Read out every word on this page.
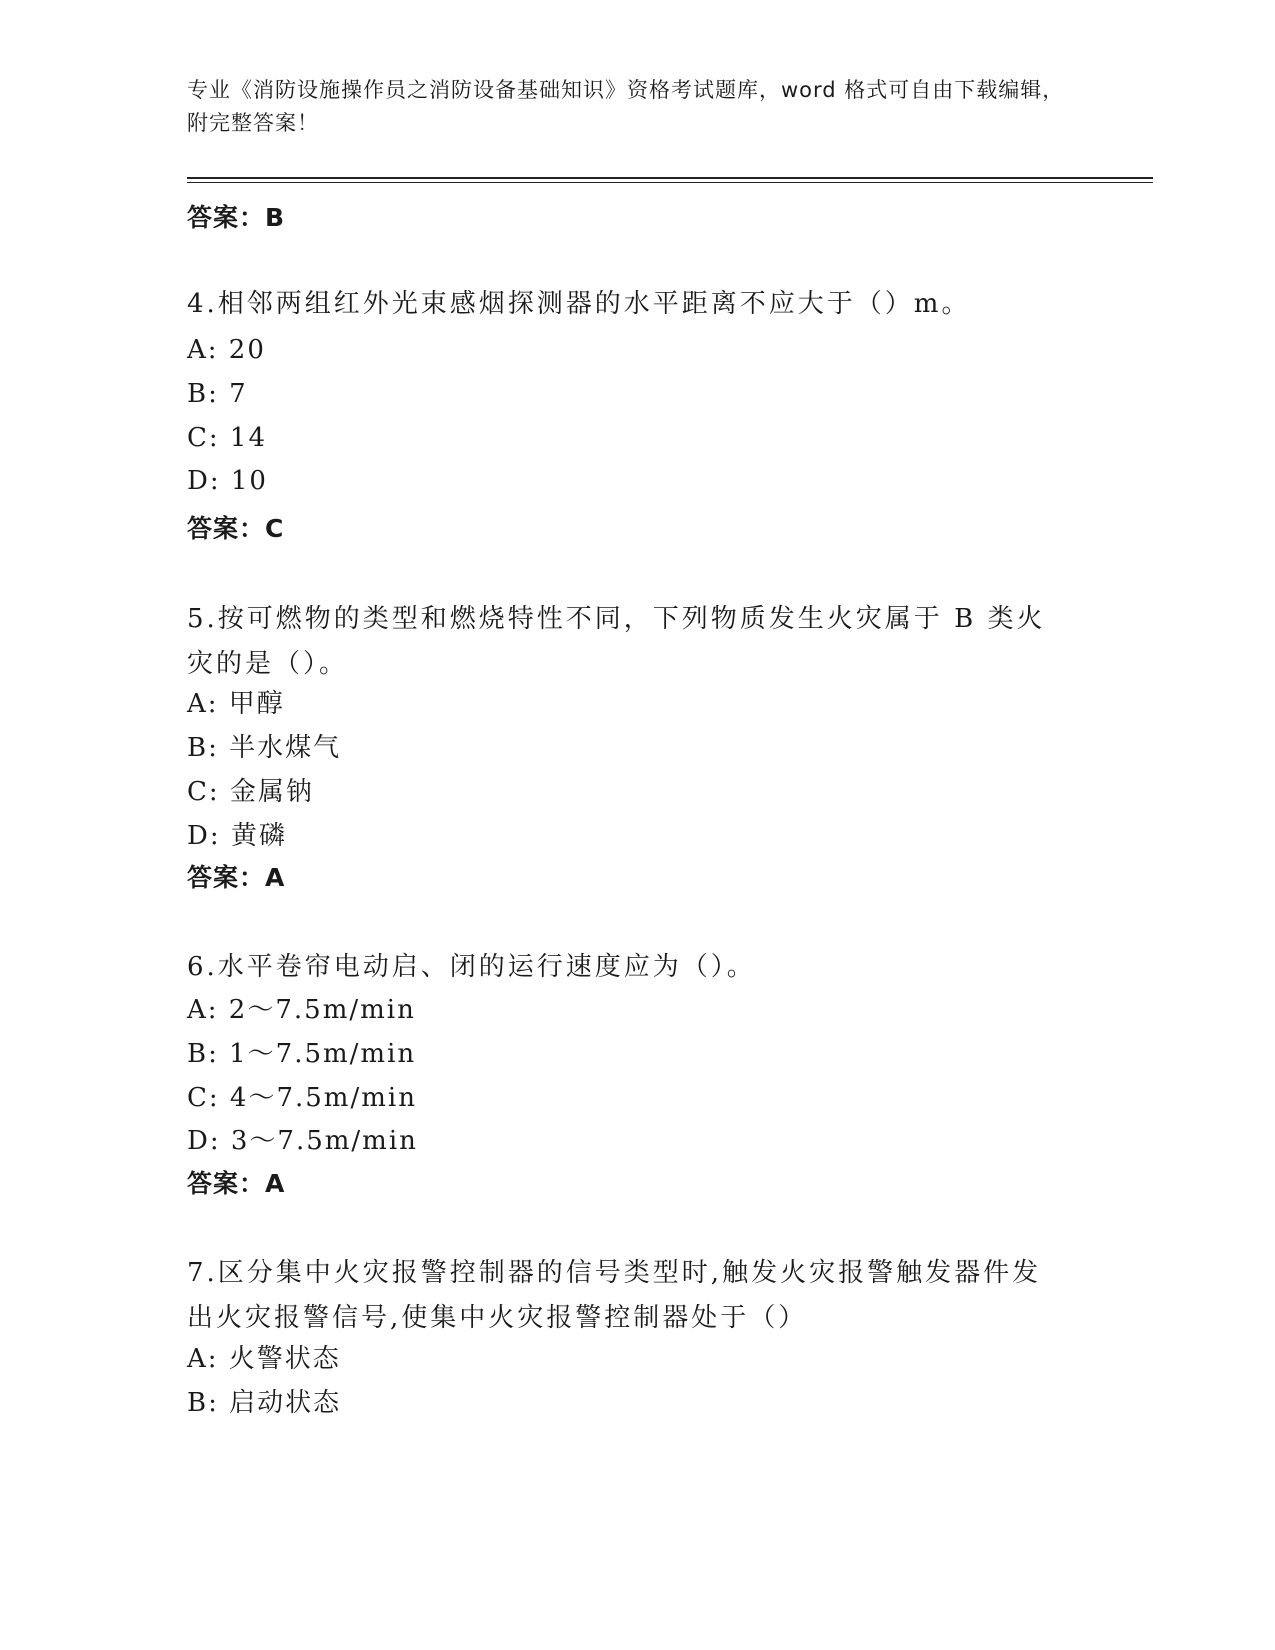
专业《消防设施操作员之消防设备基础知识》资格考试题库，word 格式可自由下载编辑，附完整答案！
答案：B
4.相邻两组红外光束感烟探测器的水平距离不应大于（）m。
A: 20
B: 7
C: 14
D: 10
答案：C
5.按可燃物的类型和燃烧特性不同，下列物质发生火灾属于 B 类火灾的是（）。
A: 甲醇
B: 半水煤气
C: 金属钠
D: 黄磷
答案：A
6.水平卷帘电动启、闭的运行速度应为（）。
A: 2～7.5m/min
B: 1～7.5m/min
C: 4～7.5m/min
D: 3～7.5m/min
答案：A
7.区分集中火灾报警控制器的信号类型时,触发火灾报警触发器件发出火灾报警信号,使集中火灾报警控制器处于（）
A: 火警状态
B: 启动状态
